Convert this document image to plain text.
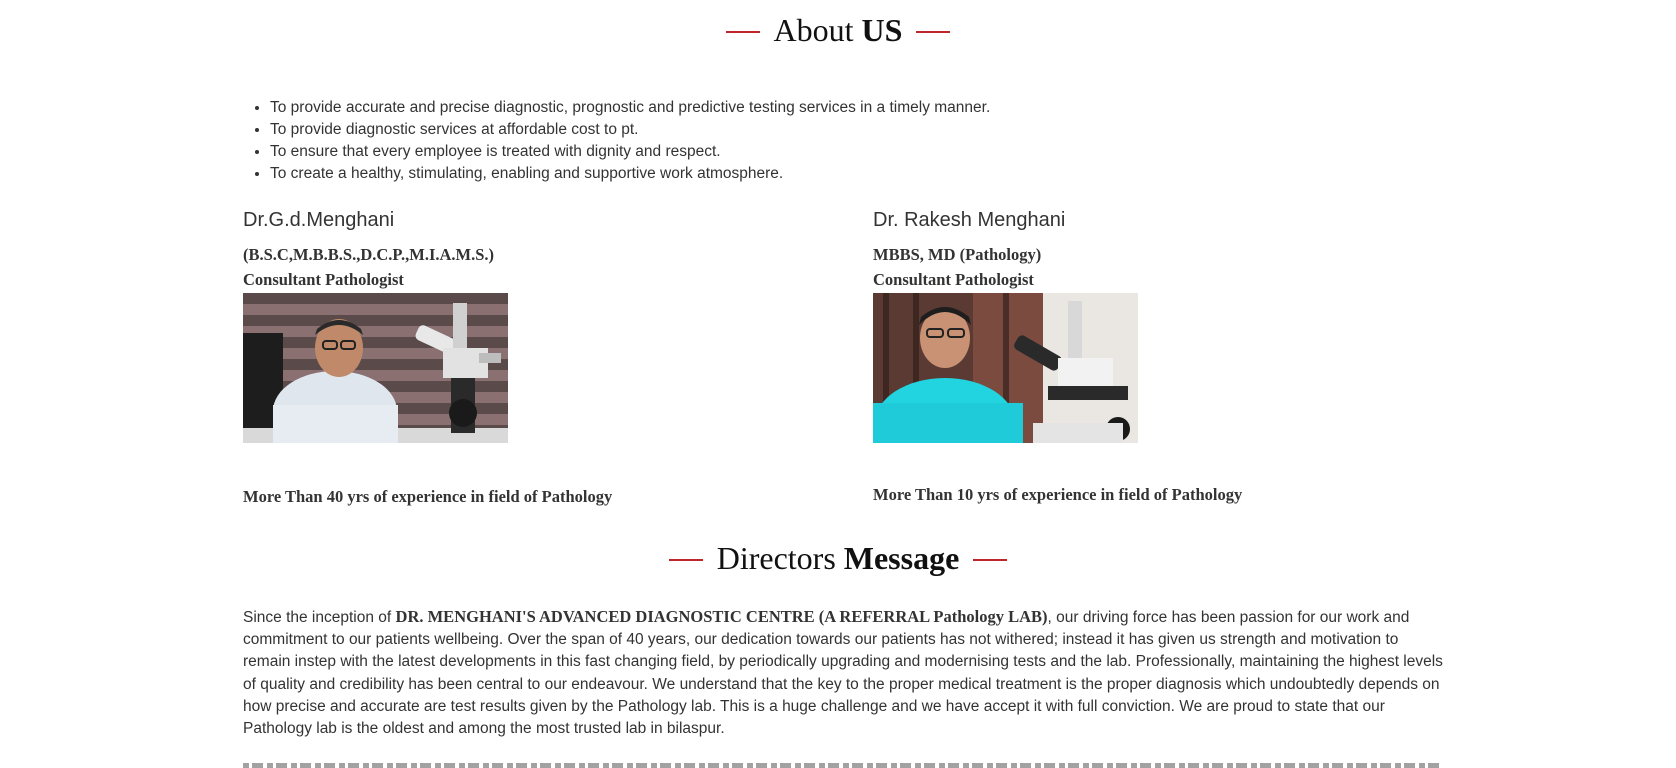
About US
• To provide accurate and precise diagnostic, prognostic and predictive testing services in a timely manner.
• To provide diagnostic services at affordable cost to pt.
• To ensure that every employee is treated with dignity and respect.
• To create a healthy, stimulating, enabling and supportive work atmosphere.

Dr.G.d.Menghani

(B.S.C,M.B.B.S.,D.C.P.,M.I.A.M.S.)

Consultant Pathologist

More Than 40 yrs of experience in field of Pathology

Dr. Rakesh Menghani

MBBS, MD (Pathology)

Consultant Pathologist

More Than 10 yrs of experience in field of Pathology

Directors Message

Since the inception of DR. MENGHANI'S ADVANCED DIAGNOSTIC CENTRE (A REFERRAL Pathology LAB), our driving force has been passion for our work and commitment to our patients wellbeing. Over the span of 40 years, our dedication towards our patients has not withered; instead it has given us strength and motivation to remain instep with the latest developments in this fast changing field, by periodically upgrading and modernising tests and the lab. Professionally, maintaining the highest levels of quality and credibility has been central to our endeavour. We understand that the key to the proper medical treatment is the proper diagnosis which undoubtedly depends on how precise and accurate are test results given by the Pathology lab. This is a huge challenge and we have accept it with full conviction. We are proud to state that our Pathology lab is the oldest and among the most trusted lab in bilaspur.
